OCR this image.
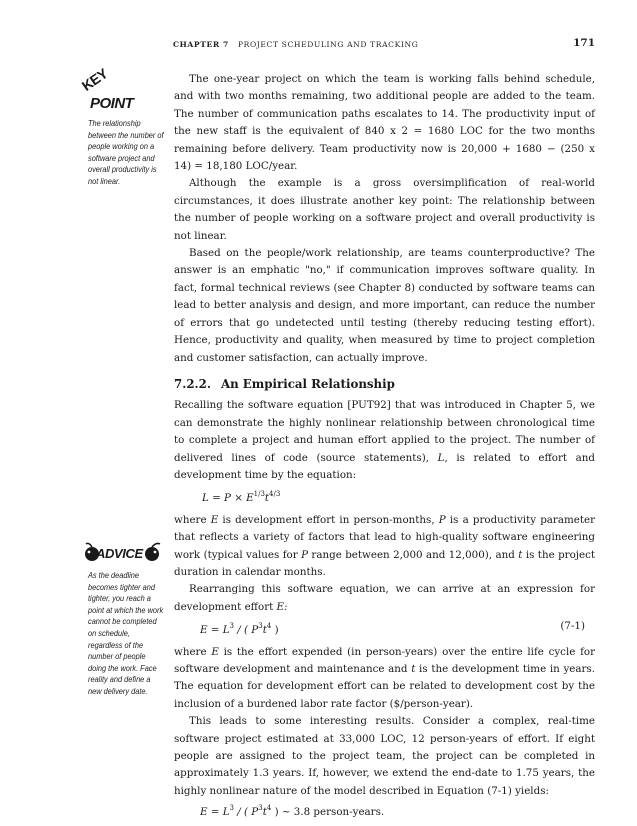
CHAPTER 7 PROJECT SCHEDULING AND TRACKING	171
KEY
POINT
The relationship between the number of people working on a software project and overall productivity is not linear.
ADVICE
As the deadline becomes tighter and tighter, you reach a point at which the work cannot be completed on schedule, regardless of the number of people doing the work. Face reality and define a new delivery date.

The one-year project on which the team is working falls behind schedule, and with two months remaining, two additional people are added to the team. The number of communication paths escalates to 14. The productivity input of the new staff is the equivalent of 840 x 2 = 1680 LOC for the two months remaining before delivery. Team productivity now is 20,000 + 1680 − (250 x 14) = 18,180 LOC/year.

Although the example is a gross oversimplification of real-world circumstances, it does illustrate another key point: The relationship between the number of people working on a software project and overall productivity is not linear.

Based on the people/work relationship, are teams counterproductive? The answer is an emphatic "no," if communication improves software quality. In fact, formal technical reviews (see Chapter 8) conducted by software teams can lead to better analysis and design, and more important, can reduce the number of errors that go undetected until testing (thereby reducing testing effort). Hence, productivity and quality, when measured by time to project completion and customer satisfaction, can actually improve.

7.2.2. An Empirical Relationship

Recalling the software equation [PUT92] that was introduced in Chapter 5, we can demonstrate the highly nonlinear relationship between chronological time to complete a project and human effort applied to the project. The number of delivered lines of code (source statements), L, is related to effort and development time by the equation:

$L = P \times E^{1/3}t^{4/3}$

where E is development effort in person-months, P is a productivity parameter that reflects a variety of factors that lead to high-quality software engineering work (typical values for P range between 2,000 and 12,000), and t is the project duration in calendar months.

Rearranging this software equation, we can arrive at an expression for development effort E:

$E = L^3$ / ( $P^3t^4$ )	(7-1)

where E is the effort expended (in person-years) over the entire life cycle for software development and maintenance and t is the development time in years. The equation for development effort can be related to development cost by the inclusion of a burdened labor rate factor ($/person-year).

This leads to some interesting results. Consider a complex, real-time software project estimated at 33,000 LOC, 12 person-years of effort. If eight people are assigned to the project team, the project can be completed in approximately 1.3 years. If, however, we extend the end-date to 1.75 years, the highly nonlinear nature of the model described in Equation (7-1) yields:

$E = L^3$ / ( $P^3t^4$ ) ~ 3.8 person-years.
